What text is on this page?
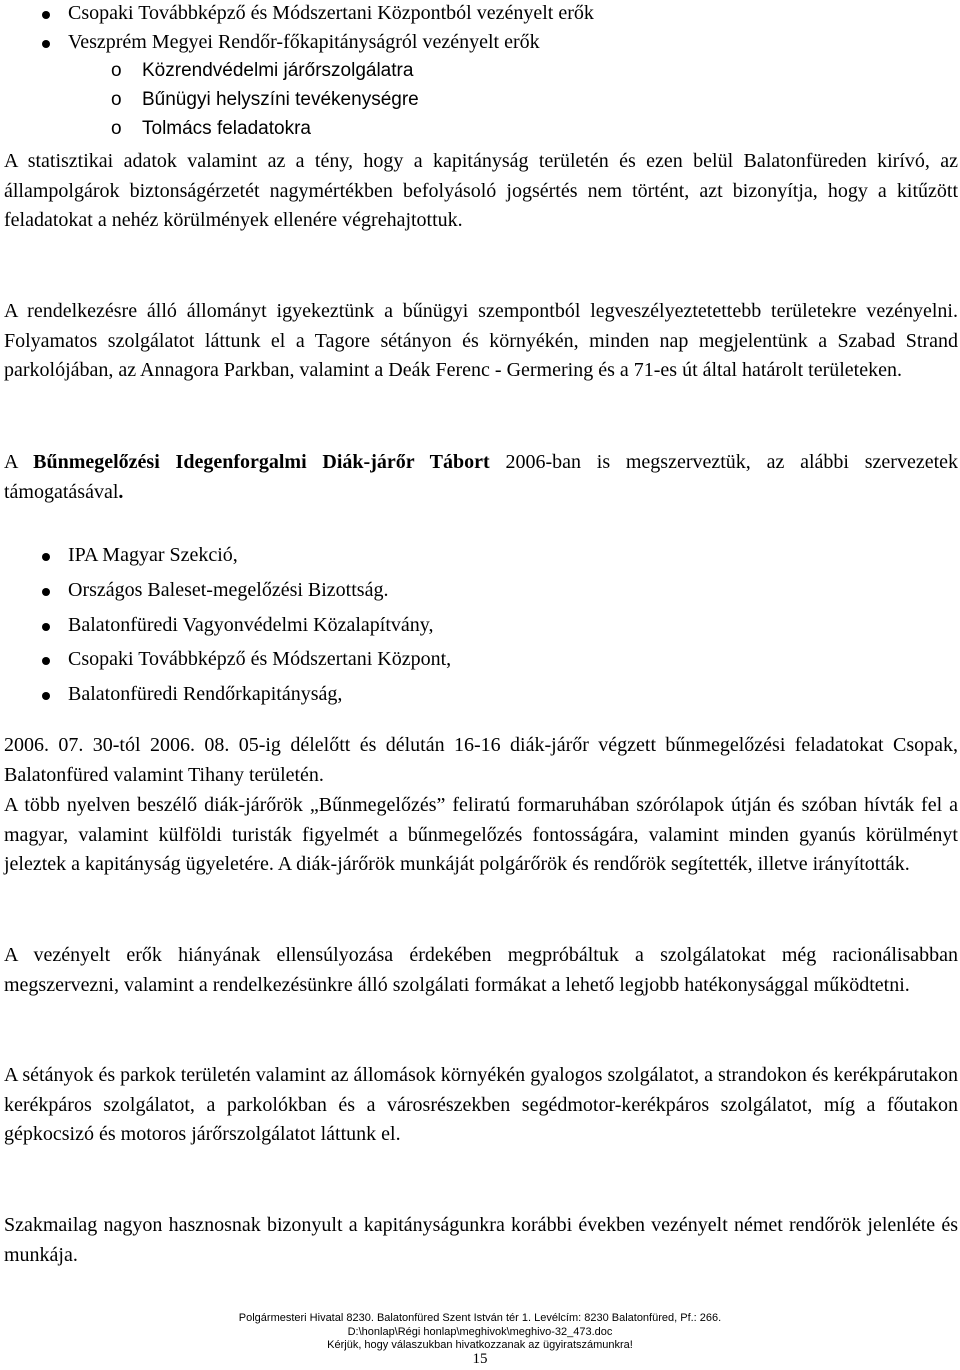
Csopaki Továbbképző és Módszertani Központból vezényelt erők
Veszprém Megyei Rendőr-főkapitányságról vezényelt erők
o Közrendvédelmi járőrszolgálatra
o Bűnügyi helyszíni tevékenységre
o Tolmács feladatokra
A statisztikai adatok valamint az a tény, hogy a kapitányság területén és ezen belül Balatonfüreden kirívó, az állampolgárok biztonságérzetét nagymértékben befolyásoló jogsértés nem történt, azt bizonyítja, hogy a kitűzött feladatokat a nehéz körülmények ellenére végrehajtottuk.
A rendelkezésre álló állományt igyekeztünk a bűnügyi szempontból legveszélyeztetettebb területekre vezényelni. Folyamatos szolgálatot láttunk el a Tagore sétányon és környékén, minden nap megjelentünk a Szabad Strand parkolójában, az Annagora Parkban, valamint a Deák Ferenc - Germering és a 71-es út által határolt területeken.
A Bűnmegelőzési Idegenforgalmi Diák-járőr Tábort 2006-ban is megszerveztük, az alábbi szervezetek támogatásával.
IPA Magyar Szekció,
Országos Baleset-megelőzési Bizottság.
Balatonfüredi Vagyonvédelmi Közalapítvány,
Csopaki Továbbképző és Módszertani Központ,
Balatonfüredi Rendőrkapitányság,
2006. 07. 30-tól 2006. 08. 05-ig délelőtt és délután 16-16 diák-járőr végzett bűnmegelőzési feladatokat Csopak, Balatonfüred valamint Tihany területén.
A több nyelven beszélő diák-járőrök „Bűnmegelőzés” feliratú formaruhában szórólapok útján és szóban hívták fel a magyar, valamint külföldi turisták figyelmét a bűnmegelőzés fontosságára, valamint minden gyanús körülményt jeleztek a kapitányság ügyeletére. A diák-járőrök munkáját polgárőrök és rendőrök segítették, illetve irányították.
A vezényelt erők hiányának ellensúlyozása érdekében megpróbáltuk a szolgálatokat még racionálisabban megszervezni, valamint a rendelkezésünkre álló szolgálati formákat a lehető legjobb hatékonysággal működtetni.
A sétányok és parkok területén valamint az állomások környékén gyalogos szolgálatot, a strandokon és kerékpárutakon kerékpáros szolgálatot, a parkolókban és a városrészekben segédmotor-kerékpáros szolgálatot, míg a főutakon gépkocsizó és motoros járőrszolgálatot láttunk el.
Szakmailag nagyon hasznosnak bizonyult a kapitányságunkra korábbi években vezényelt német rendőrök jelenléte és munkája.
Polgármesteri Hivatal 8230. Balatonfüred Szent István tér 1. Levélcím: 8230 Balatonfüred, Pf.: 266.
D:\honlap\Régi honlap\meghivok\meghivo-32_473.doc
Kérjük, hogy válaszukban hivatkozzanak az ügyiratszámunkra!
15
